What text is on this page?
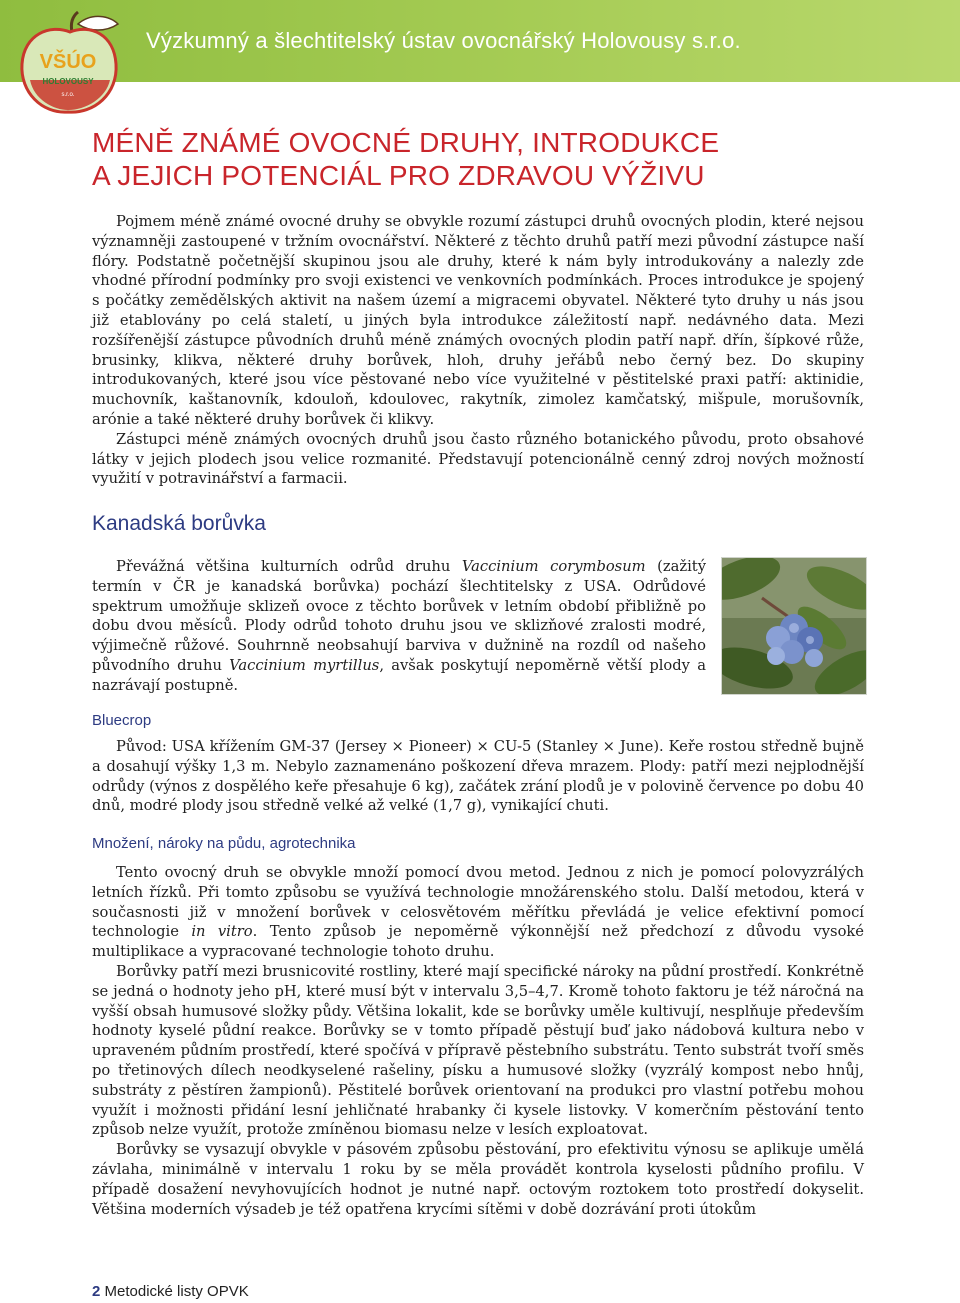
Výzkumný a šlechtitelský ústav ovocnářský Holovousy s.r.o.
VŠÚO
HOLOVOUSY
s.r.o.
MÉNĚ ZNÁMÉ OVOCNÉ DRUHY, INTRODUKCE
A JEJICH POTENCIÁL PRO ZDRAVOU VÝŽIVU

Pojmem méně známé ovocné druhy se obvykle rozumí zástupci druhů ovocných plodin, které nejsou významněji zastoupené v tržním ovocnářství. Některé z těchto druhů patří mezi původní zástupce naší flóry. Podstatně početnější skupinou jsou ale druhy, které k nám byly introdukovány a nalezly zde vhodné přírodní podmínky pro svoji existenci ve venkovních podmínkách. Proces introdukce je spojený s počátky zemědělských aktivit na našem území a migracemi obyvatel. Některé tyto druhy u nás jsou již etablovány po celá staletí, u jiných byla introdukce záležitostí např. nedávného data. Mezi rozšířenější zástupce původních druhů méně známých ovocných plodin patří např. dřín, šípkové růže, brusinky, klikva, některé druhy borůvek, hloh, druhy jeřábů nebo černý bez. Do skupiny introdukovaných, které jsou více pěstované nebo více využitelné v pěstitelské praxi patří: aktinidie, muchovník, kaštanovník, kdouloň, kdoulovec, rakytník, zimolez kamčatský, mišpule, morušovník, arónie a také některé druhy borůvek či klikvy.

Zástupci méně známých ovocných druhů jsou často různého botanického původu, proto obsahové látky v jejich plodech jsou velice rozmanité. Představují potencionálně cenný zdroj nových možností využití v potravinářství a farmacii.

Kanadská borůvka

Převážná většina kulturních odrůd druhu Vaccinium corymbosum (zažitý termín v ČR je kanadská borůvka) pochází šlechtitelsky z USA. Odrůdové spektrum umožňuje sklizeň ovoce z těchto borůvek v letním období přibližně po dobu dvou měsíců. Plody odrůd tohoto druhu jsou ve sklizňové zralosti modré, výjimečně růžové. Souhrnně neobsahují barviva v dužnině na rozdíl od našeho původního druhu Vaccinium myrtillus, avšak poskytují nepoměrně větší plody a nazrávají postupně.

Bluecrop

Původ: USA křížením GM-37 (Jersey × Pioneer) × CU-5 (Stanley × June). Keře rostou středně bujně a dosahují výšky 1,3 m. Nebylo zaznamenáno poškození dřeva mrazem. Plody: patří mezi nejplodnější odrůdy (výnos z dospělého keře přesahuje 6 kg), začátek zrání plodů je v polovině července po dobu 40 dnů, modré plody jsou středně velké až velké (1,7 g), vynikající chuti.

Množení, nároky na půdu, agrotechnika

Tento ovocný druh se obvykle množí pomocí dvou metod. Jednou z nich je pomocí polovyzrálých letních řízků. Při tomto způsobu se využívá technologie množárenského stolu. Další metodou, která v současnosti již v množení borůvek v celosvětovém měřítku převládá je velice efektivní pomocí technologie in vitro. Tento způsob je nepoměrně výkonnější než předchozí z důvodu vysoké multiplikace a vypracované technologie tohoto druhu.

Borůvky patří mezi brusnicovité rostliny, které mají specifické nároky na půdní prostředí. Konkrétně se jedná o hodnoty jeho pH, které musí být v intervalu 3,5–4,7. Kromě tohoto faktoru je též náročná na vyšší obsah humusové složky půdy. Většina lokalit, kde se borůvky uměle kultivují, nesplňuje především hodnoty kyselé půdní reakce. Borůvky se v tomto případě pěstují buď jako nádobová kultura nebo v upraveném půdním prostředí, které spočívá v přípravě pěstebního substrátu. Tento substrát tvoří směs po třetinových dílech neodkyselené rašeliny, písku a humusové složky (vyzrálý kompost nebo hnůj, substráty z pěstíren žampionů). Pěstitelé borůvek orientovaní na produkci pro vlastní potřebu mohou využít i možnosti přidání lesní jehličnaté hrabanky či kysele listovky. V komerčním pěstování tento způsob nelze využít, protože zmíněnou biomasu nelze v lesích exploatovat.

Borůvky se vysazují obvykle v pásovém způsobu pěstování, pro efektivitu výnosu se aplikuje umělá závlaha, minimálně v intervalu 1 roku by se měla provádět kontrola kyselosti půdního profilu. V případě dosažení nevyhovujících hodnot je nutné např. octovým roztokem toto prostředí dokyselit. Většina moderních výsadeb je též opatřena krycími sítěmi v době dozrávání proti útokům

2 Metodické listy OPVK
